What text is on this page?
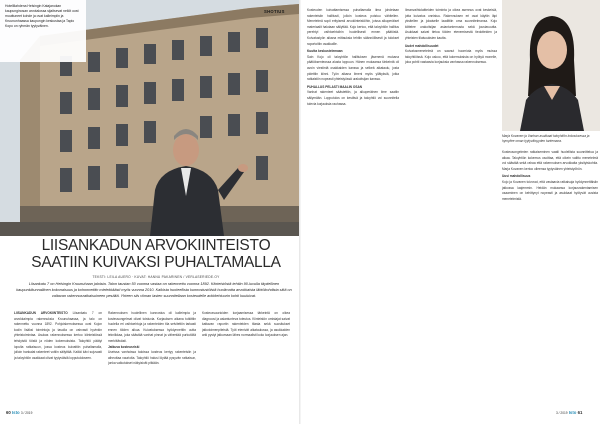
Hotellilahdena Helsingin Katajanokan kaupunginosan arvotalossa sijaitsevat neliöt ovat muuttuneet kohde ja ovat kalleimpiin ja Kruununhaassa kaupungin keskustaa ja Tapio Kopo on ryhmän tyytyväinen.
SHOTIUS
LIISANKADUN ARVOKIINTEISTÖ
SAATIIN KUIVAKSI PUHALTAMALLA
TEKSTI: LEILA AUERO · KUVAT: HANNU PAKARINEN / VERLASERIEDE.OY
Liisankatu 7 on Helsingin Kruunuhaan jaloista. Talon taustan 50 vuonna vastaa on rakennettu vuonna 1892. Kiinteistöstä tehtiin 90-luvulla täydellinen kaupunkikunnallinen kokonaisuus ja kohonnettiin mielekkäästi myös vuonna 2010. Kaikista huoleellista kunnostustöistä huolimatta arvokkaista lähtökohdista siitä on valtavan rakennusratkaisuineen pesältä. Yhteen siis viiman lasten suunnitellaan kosteudelle arkkitehtuurin kohti kuuluivat.

LIISANKADUN ARVOKIINTEISTÖ Liisankatu 7 on arvokkaimpia rakennuksia Kruunuhaassa, ja talo on rakennettu vuonna 1892. Pohjoiskerroksessa ovat Kojon kodin lisäksi toimintoja ja tasolla on vahvasti hyvinkin yhteistoimintaa. Asukas rakennuksessa kertoo kiinteistössä tehdyistä töistä ja niiden kokemuksista. Taloyhtiö päätyi lopulta ratkaisuun, jossa kosteus kuivattiin puhaltamalla, jolloin hankalat rakenteet voitiin säilyttää. Kaikki kävi sujuvasti ja taloyhtiön osakkaat olivat tyytyväisiä lopputulokseen.

Rakennuksen huolellinen kunnostus oli kalleimpia ja kosteusongelmat olivat toistuvia. Korjauksen aikana tutkittiin huolella eri vaihtoehtoja ja rakenteiden tila selvitettiin tarkasti ennen töiden alkua. Kuivatuksessa hyödynnettiin uutta tekniikkaa, joka säästää vanhat pinnat ja vähentää purkutöitä merkittävästi.

Jatkuva kosteusriski

Useissa vanhoissa taloissa kosteus kertyy rakenteisiin ja aiheuttaa vaurioita. Taloyhtiö halusi löytää pysyvän ratkaisun, jonka vaikutukset näkyisivät pitkään.

Kosteusvaurioiden korjaamisessa tärkeintä on oikea diagnoosi ja asiantunteva toteutus. Kiinteistön omistajat saivat kattavan raportin rakenteiden tilasta sekä suositukset jatkotoimenpiteistä. Työt etenivät aikataulussa, ja asukkaiden arki pystyi jatkumaan lähes normaalisti koko korjauksen ajan.

60 Isto 3 / 2019

Kosteuden kuivattamisessa puhaltamalla ilma johdetaan rakenteisiin hallitusti, jolloin kosteus poistuu vähitellen. Menetelmä sopii erityisesti arvokiinteistöihin, joissa alkuperäiset materiaalit halutaan säilyttää. Kojo kertoo, että taloyhtiön hallitus perehtyi vaihtoehtoihin huolellisesti ennen päätöstä. Kuivatustyön aikana mittauksia tehtiin säännöllisesti ja tulokset raportoitiin osakkaille.

Kuutta keskustelemaan

Sain Kojo oli taloyhtiön hallituksen jäsenenä mukana päätöksenteossa alusta loppuun. Hänen mukaansa tärkeintä oli avoin viestintä osakkaiden kanssa ja selkeä aikataulu, josta pidettiin kiinni. Työn aikana ilmeni myös yllätyksiä, jotka ratkaistiin nopeasti yhteistyössä urakoitsijan kanssa.

PUHALLUS PELASTI MAALIN OSAN

Vanhat rakenteet säästettiin, ja alkuperäinen ilme saatiin säilymään. Lopputulos on kestävä ja taloyhtiö voi suunnitella tulevia korjauksia rauhassa.

Ilmanvaihtolaitteiden toiminta ja oikea asennus ovat keskeisiä, jotta kuivatus onnistuu. Rakennuksen eri osat käytiin läpi yksitellen ja jokaiselle laadittiin oma suunnitelmansa. Kojo kiittelee urakoitsijan asiantuntemusta sekä joustavuutta. Asukkaat saivat tietoa töiden etenemisestä tiedotteiden ja yhteisten tilaisuuksien kautta.

Uudet mahdollisuudet

Kuivatusmenetelmä on saanut huomiota myös muissa taloyhtiöissä. Kojo uskoo, että kokemuksista on hyötyä monelle, joka pohtii vastaavia korjauksia vanhassa rakennuksessa.

Marja Kovanen ja Vanhan asukkaat taloyhtiön kokouksessa ja hymyilee oman tyytyväisyyden tuntemana.

Kosteusongelmien ratkaiseminen vaatii huolellista suunnittelua ja aikaa. Taloyhtiön kokemus osoittaa, että oikein valittu menetelmä voi säästää sekä rahaa että rakennuksen arvokkaita yksityiskohtia. Marja Kovanen kertoo olleensa tyytyväinen yhteistyöhön.

Uusi mahdollisuus

Kojo ja Kovanen toivovat, että vastaavia ratkaisuja hyödynnettäisiin jatkossa laajemmin. Heidän mukaansa korjausrakentamisen osaaminen on kehittynyt nopeasti ja asukkaat hyötyvät uusista menetelmistä.

3 / 2019 Isto 61
